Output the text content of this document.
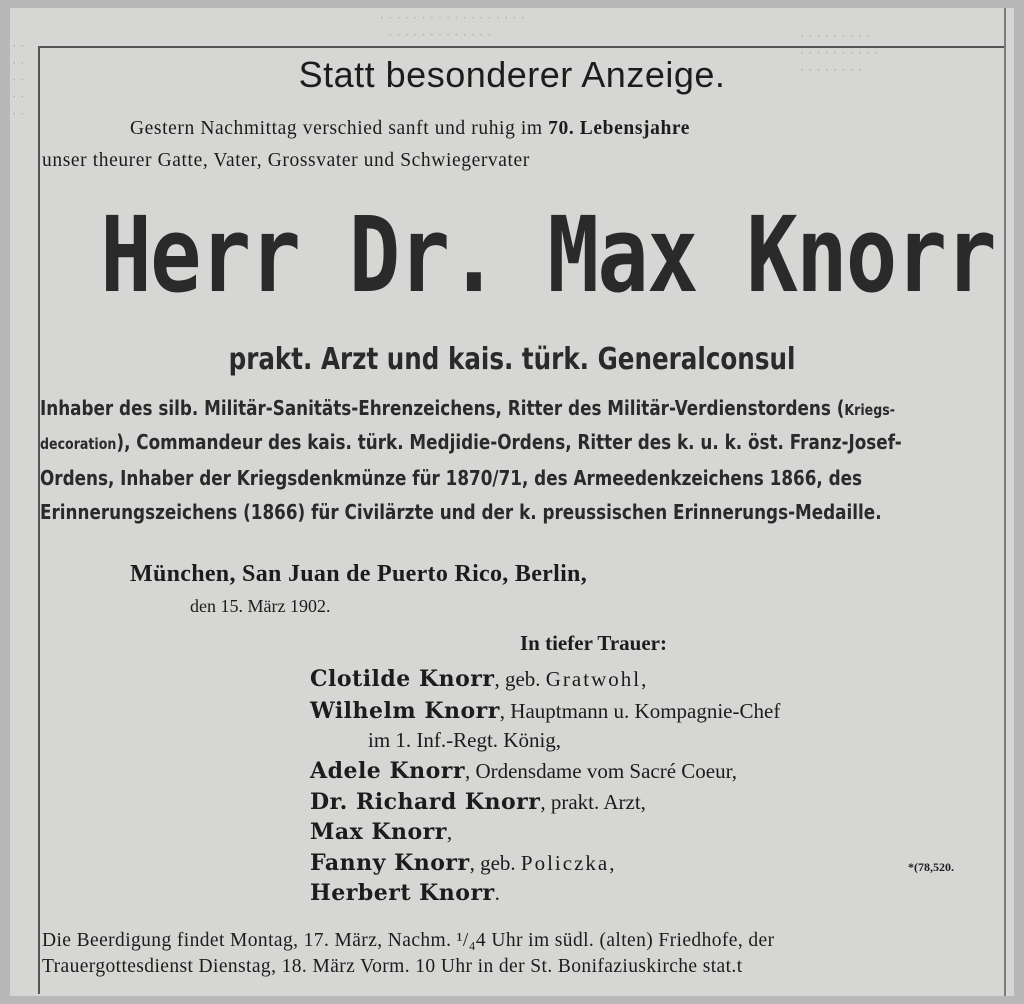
· · · · · · · · · · · · · · · · · ·
· · · · · · · · · · · · ·	· · · · · · · · ·
· · · · · · · · · ·
· · · · · · · ·
· ·
· ·
· ·
· ·
· ·
Statt besonderer Anzeige.
Gestern Nachmittag verschied sanft und ruhig im 70. Lebensjahre
unser theurer Gatte, Vater, Grossvater und Schwiegervater
Herr Dr. Max Knorr
prakt. Arzt und kais. türk. Generalconsul
Inhaber des silb. Militär-Sanitäts-Ehrenzeichens, Ritter des Militär-Verdienstordens (Kriegs-
decoration), Commandeur des kais. türk. Medjidie-Ordens, Ritter des k. u. k. öst. Franz-Josef-
Ordens, Inhaber der Kriegsdenkmünze für 1870/71, des Armeedenkzeichens 1866, des
Erinnerungszeichens (1866) für Civilärzte und der k. preussischen Erinnerungs-Medaille.
München, San Juan de Puerto Rico, Berlin,
den 15. März 1902.
In tiefer Trauer:
Clotilde Knorr, geb. Gratwohl,
Wilhelm Knorr, Hauptmann u. Kompagnie-Chef
im 1. Inf.-Regt. König,
Adele Knorr, Ordensdame vom Sacré Coeur,
Dr. Richard Knorr, prakt. Arzt,
Max Knorr,
Fanny Knorr, geb. Policzka,
Herbert Knorr.
*(78,520.
Die Beerdigung findet Montag, 17. März, Nachm. ¹/₄4 Uhr im südl. (alten) Friedhofe, der
Trauergottesdienst Dienstag, 18. März Vorm. 10 Uhr in der St. Bonifaziuskirche stat.t
